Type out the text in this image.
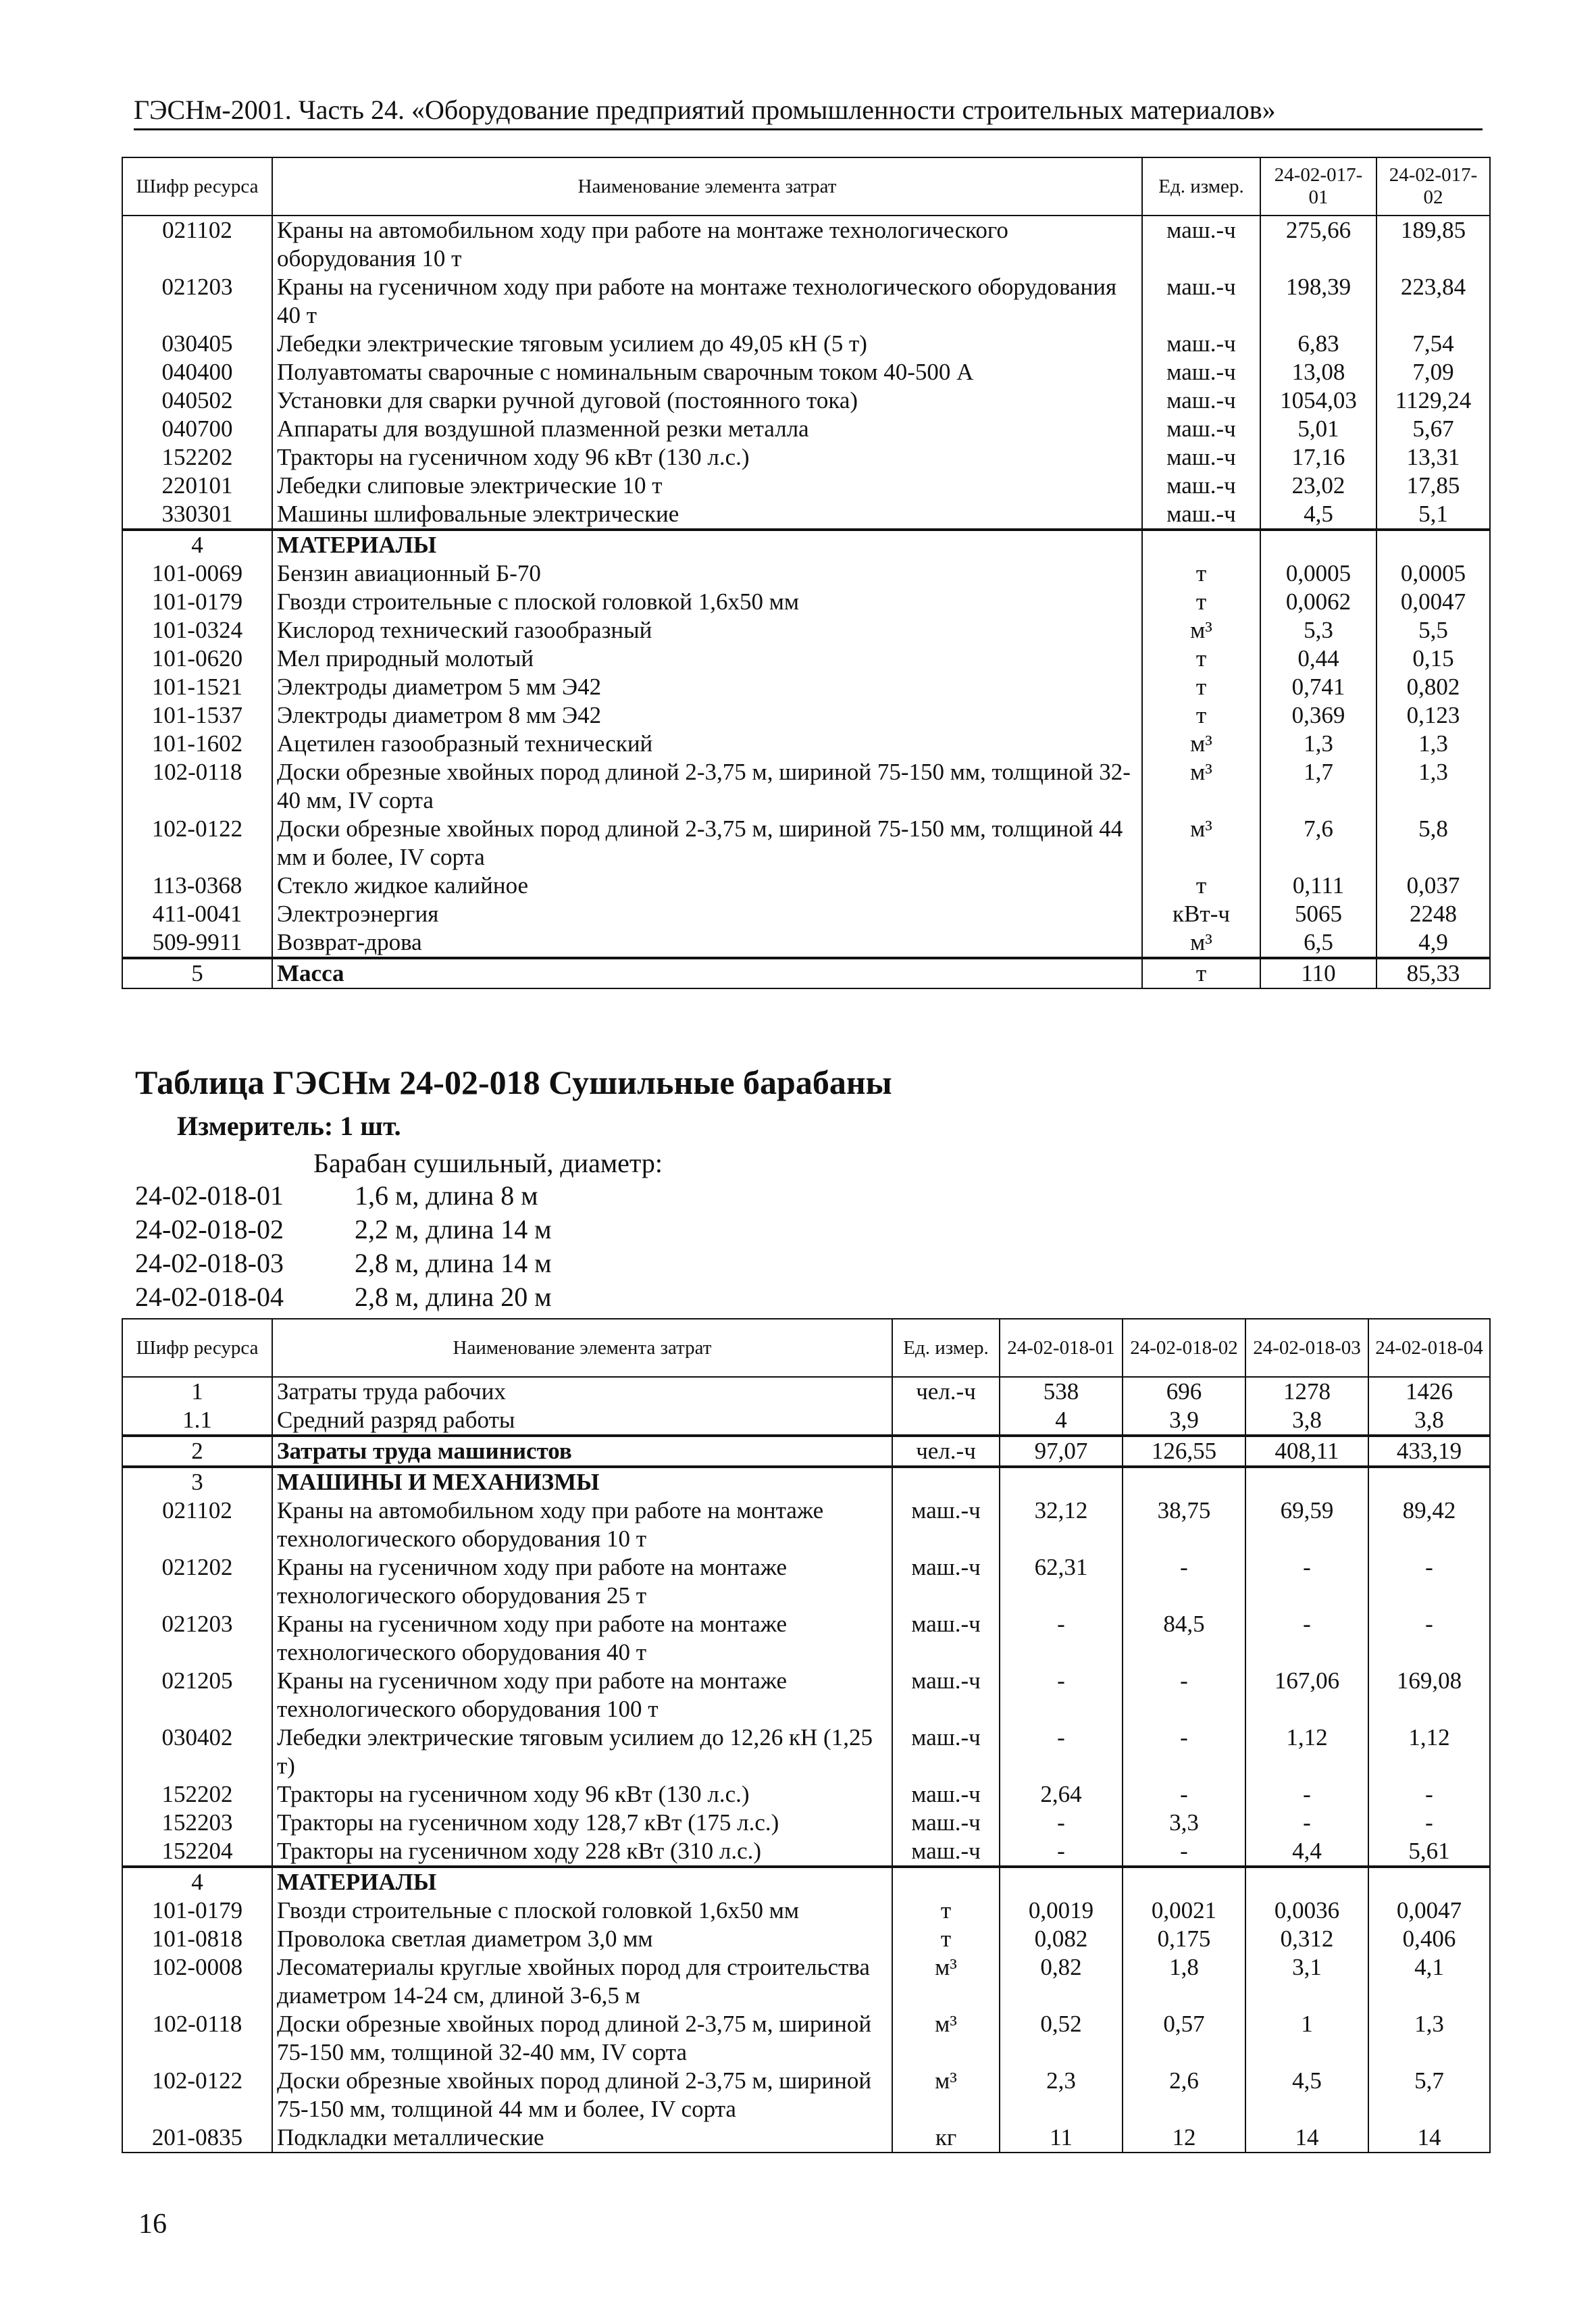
ГЭСНм-2001. Часть 24. «Оборудование предприятий промышленности строительных материалов»
Шифр ресурса	Наименование элемента затрат	Ед. измер.	24-02-017-01	24-02-017-02
021102	Краны на автомобильном ходу при работе на монтаже технологического оборудования 10 т	маш.-ч	275,66	189,85
021203	Краны на гусеничном ходу при работе на монтаже технологического оборудования 40 т	маш.-ч	198,39	223,84
030405	Лебедки электрические тяговым усилием до 49,05 кН (5 т)	маш.-ч	6,83	7,54
040400	Полуавтоматы сварочные с номинальным сварочным током 40-500 А	маш.-ч	13,08	7,09
040502	Установки для сварки ручной дуговой (постоянного тока)	маш.-ч	1054,03	1129,24
040700	Аппараты для воздушной плазменной резки металла	маш.-ч	5,01	5,67
152202	Тракторы на гусеничном ходу 96 кВт (130 л.с.)	маш.-ч	17,16	13,31
220101	Лебедки слиповые электрические 10 т	маш.-ч	23,02	17,85
330301	Машины шлифовальные электрические	маш.-ч	4,5	5,1
4	МАТЕРИАЛЫ			
101-0069	Бензин авиационный Б-70	т	0,0005	0,0005
101-0179	Гвозди строительные с плоской головкой 1,6х50 мм	т	0,0062	0,0047
101-0324	Кислород технический газообразный	м³	5,3	5,5
101-0620	Мел природный молотый	т	0,44	0,15
101-1521	Электроды диаметром 5 мм Э42	т	0,741	0,802
101-1537	Электроды диаметром 8 мм Э42	т	0,369	0,123
101-1602	Ацетилен газообразный технический	м³	1,3	1,3
102-0118	Доски обрезные хвойных пород длиной 2-3,75 м, шириной 75-150 мм, толщиной 32-40 мм, IV сорта	м³	1,7	1,3
102-0122	Доски обрезные хвойных пород длиной 2-3,75 м, шириной 75-150 мм, толщиной 44 мм и более, IV сорта	м³	7,6	5,8
113-0368	Стекло жидкое калийное	т	0,111	0,037
411-0041	Электроэнергия	кВт-ч	5065	2248
509-9911	Возврат-дрова	м³	6,5	4,9
5	Масса	т	110	85,33
Таблица ГЭСНм 24-02-018 Сушильные барабаны
Измеритель: 1 шт.
Барабан сушильный, диаметр:
24-02-018-01	1,6 м, длина 8 м
24-02-018-02	2,2 м, длина 14 м
24-02-018-03	2,8 м, длина 14 м
24-02-018-04	2,8 м, длина 20 м
Шифр ресурса	Наименование элемента затрат	Ед. измер.	24-02-018-01	24-02-018-02	24-02-018-03	24-02-018-04
1	Затраты труда рабочих	чел.-ч	538	696	1278	1426
1.1	Средний разряд работы		4	3,9	3,8	3,8
2	Затраты труда машинистов	чел.-ч	97,07	126,55	408,11	433,19
3	МАШИНЫ И МЕХАНИЗМЫ					
021102	Краны на автомобильном ходу при работе на монтаже технологического оборудования 10 т	маш.-ч	32,12	38,75	69,59	89,42
021202	Краны на гусеничном ходу при работе на монтаже технологического оборудования 25 т	маш.-ч	62,31	-	-	-
021203	Краны на гусеничном ходу при работе на монтаже технологического оборудования 40 т	маш.-ч	-	84,5	-	-
021205	Краны на гусеничном ходу при работе на монтаже технологического оборудования 100 т	маш.-ч	-	-	167,06	169,08
030402	Лебедки электрические тяговым усилием до 12,26 кН (1,25 т)	маш.-ч	-	-	1,12	1,12
152202	Тракторы на гусеничном ходу 96 кВт (130 л.с.)	маш.-ч	2,64	-	-	-
152203	Тракторы на гусеничном ходу 128,7 кВт (175 л.с.)	маш.-ч	-	3,3	-	-
152204	Тракторы на гусеничном ходу 228 кВт (310 л.с.)	маш.-ч	-	-	4,4	5,61
4	МАТЕРИАЛЫ					
101-0179	Гвозди строительные с плоской головкой 1,6х50 мм	т	0,0019	0,0021	0,0036	0,0047
101-0818	Проволока светлая диаметром 3,0 мм	т	0,082	0,175	0,312	0,406
102-0008	Лесоматериалы круглые хвойных пород для строительства диаметром 14-24 см, длиной 3-6,5 м	м³	0,82	1,8	3,1	4,1
102-0118	Доски обрезные хвойных пород длиной 2-3,75 м, шириной 75-150 мм, толщиной 32-40 мм, IV сорта	м³	0,52	0,57	1	1,3
102-0122	Доски обрезные хвойных пород длиной 2-3,75 м, шириной 75-150 мм, толщиной 44 мм и более, IV сорта	м³	2,3	2,6	4,5	5,7
201-0835	Подкладки металлические	кг	11	12	14	14
16
